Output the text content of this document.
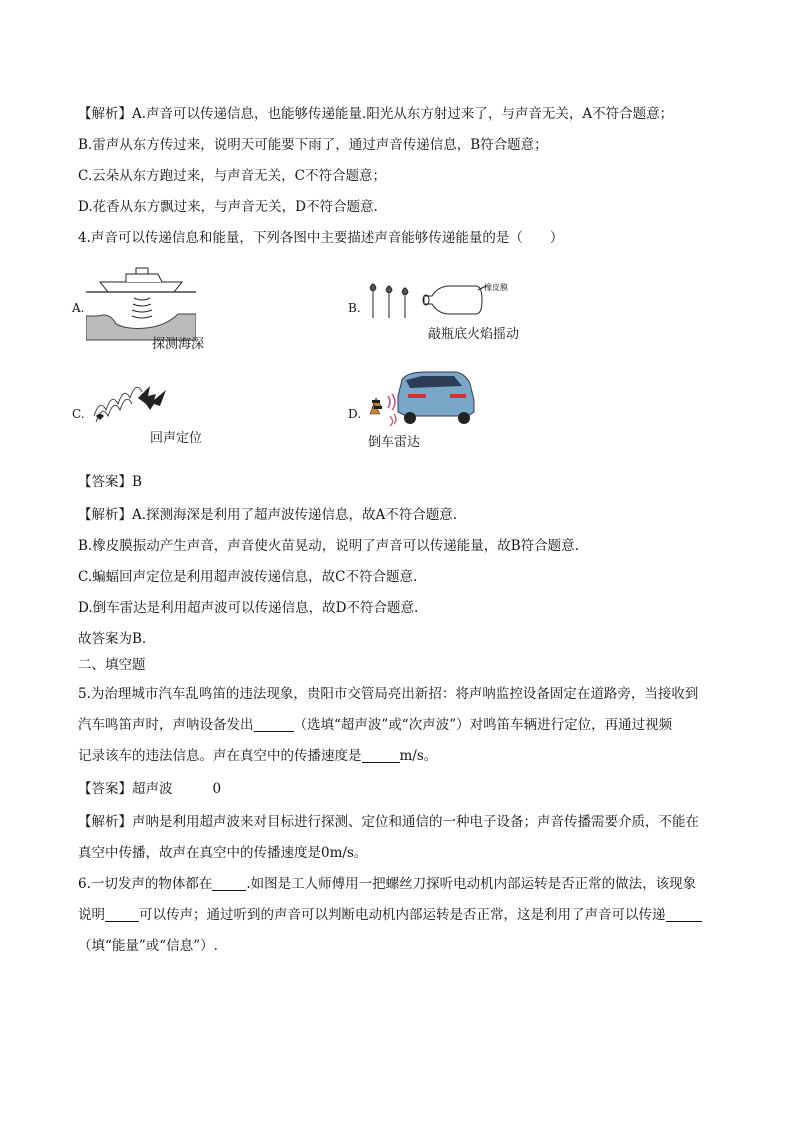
【解析】A.声音可以传递信息，也能够传递能量.阳光从东方射过来了，与声音无关，A不符合题意；
B.雷声从东方传过来，说明天可能要下雨了，通过声音传递信息，B符合题意；
C.云朵从东方跑过来，与声音无关，C不符合题意；
D.花香从东方飘过来，与声音无关，D不符合题意.
4.声音可以传递信息和能量，下列各图中主要描述声音能够传递能量的是（　　）
A.
探测海深
B.
橡皮膜
敲瓶底火焰摇动
C.
回声定位
D.
倒车雷达
【答案】B
【解析】A.探测海深是利用了超声波传递信息，故A不符合题意.
B.橡皮膜振动产生声音，声音使火苗晃动，说明了声音可以传递能量，故B符合题意.
C.蝙蝠回声定位是利用超声波传递信息，故C不符合题意.
D.倒车雷达是利用超声波可以传递信息，故D不符合题意.
故答案为B.
二、填空题
5.为治理城市汽车乱鸣笛的违法现象，贵阳市交管局亮出新招：将声呐监控设备固定在道路旁，当接收到
汽车鸣笛声时，声呐设备发出	（选填“超声波”或“次声波”）对鸣笛车辆进行定位，再通过视频
记录该车的违法信息。声在真空中的传播速度是	m/s。
【答案】超声波	0
【解析】声呐是利用超声波来对目标进行探测、定位和通信的一种电子设备；声音传播需要介质，不能在
真空中传播，故声在真空中的传播速度是0m/s。
6.一切发声的物体都在	.如图是工人师傅用一把螺丝刀探听电动机内部运转是否正常的做法，该现象
说明	可以传声；通过听到的声音可以判断电动机内部运转是否正常，这是利用了声音可以传递
（填“能量”或“信息”）.
